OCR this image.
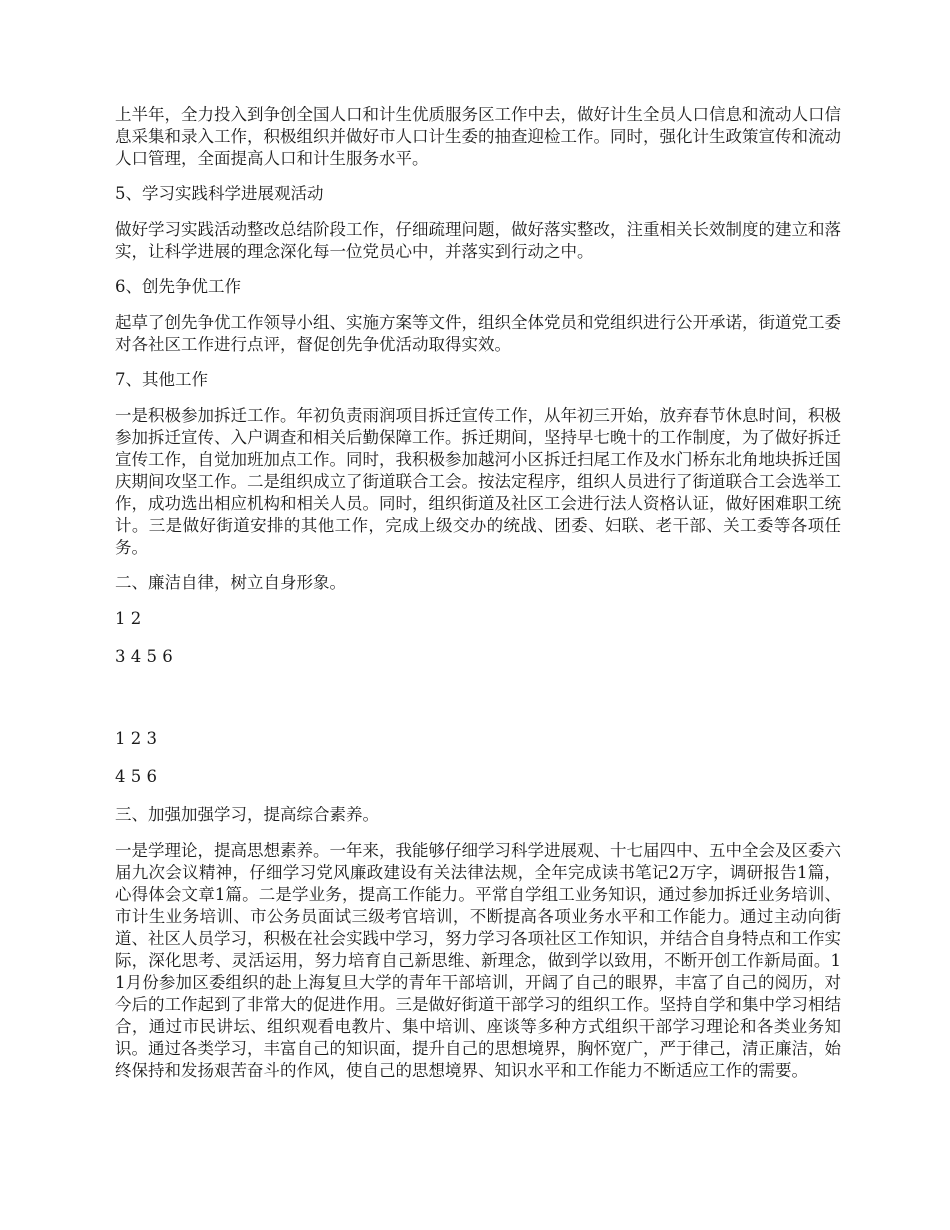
上半年，全力投入到争创全国人口和计生优质服务区工作中去，做好计生全员人口信息和流动人口信息采集和录入工作，积极组织并做好市人口计生委的抽查迎检工作。同时，强化计生政策宣传和流动人口管理，全面提高人口和计生服务水平。

5、学习实践科学进展观活动

做好学习实践活动整改总结阶段工作，仔细疏理问题，做好落实整改，注重相关长效制度的建立和落实，让科学进展的理念深化每一位党员心中，并落实到行动之中。

6、创先争优工作

起草了创先争优工作领导小组、实施方案等文件，组织全体党员和党组织进行公开承诺，街道党工委对各社区工作进行点评，督促创先争优活动取得实效。

7、其他工作

一是积极参加拆迁工作。年初负责雨润项目拆迁宣传工作，从年初三开始，放弃春节休息时间，积极参加拆迁宣传、入户调查和相关后勤保障工作。拆迁期间，坚持早七晚十的工作制度，为了做好拆迁宣传工作，自觉加班加点工作。同时，我积极参加越河小区拆迁扫尾工作及水门桥东北角地块拆迁国庆期间攻坚工作。二是组织成立了街道联合工会。按法定程序，组织人员进行了街道联合工会选举工作，成功选出相应机构和相关人员。同时，组织街道及社区工会进行法人资格认证，做好困难职工统计。三是做好街道安排的其他工作，完成上级交办的统战、团委、妇联、老干部、关工委等各项任务。

二、廉洁自律，树立自身形象。

1 2

3 4 5 6

1 2 3

4 5 6

三、加强加强学习，提高综合素养。

一是学理论，提高思想素养。一年来，我能够仔细学习科学进展观、十七届四中、五中全会及区委六届九次会议精神，仔细学习党风廉政建设有关法律法规，全年完成读书笔记2万字，调研报告1篇，心得体会文章1篇。二是学业务，提高工作能力。平常自学组工业务知识，通过参加拆迁业务培训、市计生业务培训、市公务员面试三级考官培训，不断提高各项业务水平和工作能力。通过主动向街道、社区人员学习，积极在社会实践中学习，努力学习各项社区工作知识，并结合自身特点和工作实际，深化思考、灵活运用，努力培育自己新思维、新理念，做到学以致用，不断开创工作新局面。11月份参加区委组织的赴上海复旦大学的青年干部培训，开阔了自己的眼界，丰富了自己的阅历，对今后的工作起到了非常大的促进作用。三是做好街道干部学习的组织工作。坚持自学和集中学习相结合，通过市民讲坛、组织观看电教片、集中培训、座谈等多种方式组织干部学习理论和各类业务知识。通过各类学习，丰富自己的知识面，提升自己的思想境界，胸怀宽广，严于律己，清正廉洁，始终保持和发扬艰苦奋斗的作风，使自己的思想境界、知识水平和工作能力不断适应工作的需要。
